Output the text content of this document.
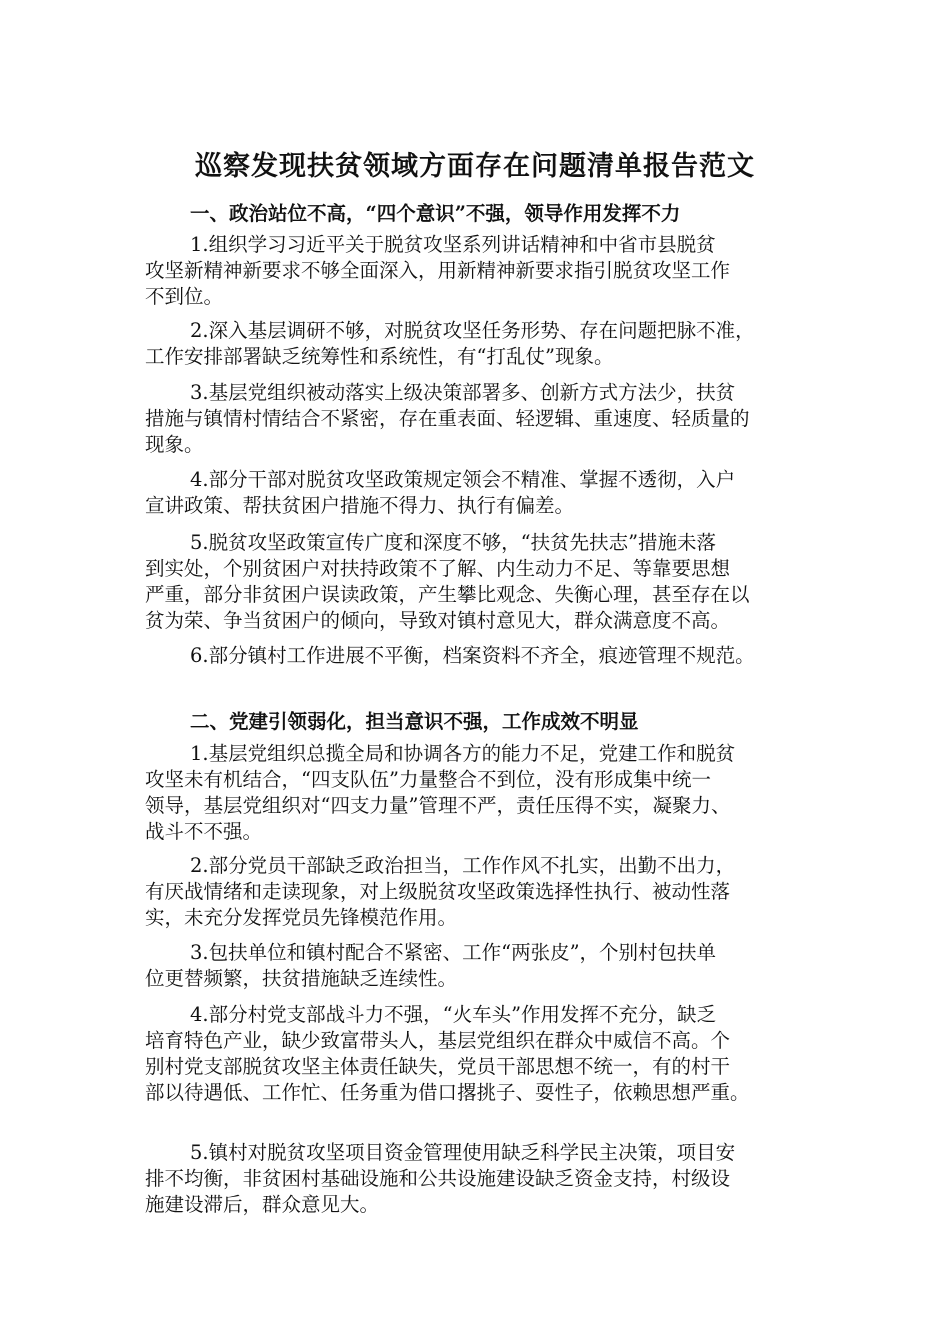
巡察发现扶贫领域方面存在问题清单报告范文
一、政治站位不高，“四个意识”不强，领导作用发挥不力
1.组织学习习近平关于脱贫攻坚系列讲话精神和中省市县脱贫
攻坚新精神新要求不够全面深入，用新精神新要求指引脱贫攻坚工作
不到位。
2.深入基层调研不够，对脱贫攻坚任务形势、存在问题把脉不准，
工作安排部署缺乏统筹性和系统性，有“打乱仗”现象。
3.基层党组织被动落实上级决策部署多、创新方式方法少，扶贫
措施与镇情村情结合不紧密，存在重表面、轻逻辑、重速度、轻质量的
现象。
4.部分干部对脱贫攻坚政策规定领会不精准、掌握不透彻，入户
宣讲政策、帮扶贫困户措施不得力、执行有偏差。
5.脱贫攻坚政策宣传广度和深度不够，“扶贫先扶志”措施未落
到实处，个别贫困户对扶持政策不了解、内生动力不足、等靠要思想
严重，部分非贫困户误读政策，产生攀比观念、失衡心理，甚至存在以
贫为荣、争当贫困户的倾向，导致对镇村意见大，群众满意度不高。
6.部分镇村工作进展不平衡，档案资料不齐全，痕迹管理不规范。
二、党建引领弱化，担当意识不强，工作成效不明显
1.基层党组织总揽全局和协调各方的能力不足，党建工作和脱贫
攻坚未有机结合，“四支队伍”力量整合不到位，没有形成集中统一
领导，基层党组织对“四支力量”管理不严，责任压得不实，凝聚力、
战斗不不强。
2.部分党员干部缺乏政治担当，工作作风不扎实，出勤不出力，
有厌战情绪和走读现象，对上级脱贫攻坚政策选择性执行、被动性落
实，未充分发挥党员先锋模范作用。
3.包扶单位和镇村配合不紧密、工作“两张皮”，个别村包扶单
位更替频繁，扶贫措施缺乏连续性。
4.部分村党支部战斗力不强，“火车头”作用发挥不充分，缺乏
培育特色产业，缺少致富带头人，基层党组织在群众中威信不高。个
别村党支部脱贫攻坚主体责任缺失，党员干部思想不统一，有的村干
部以待遇低、工作忙、任务重为借口撂挑子、耍性子，依赖思想严重。
5.镇村对脱贫攻坚项目资金管理使用缺乏科学民主决策，项目安
排不均衡，非贫困村基础设施和公共设施建设缺乏资金支持，村级设
施建设滞后，群众意见大。
